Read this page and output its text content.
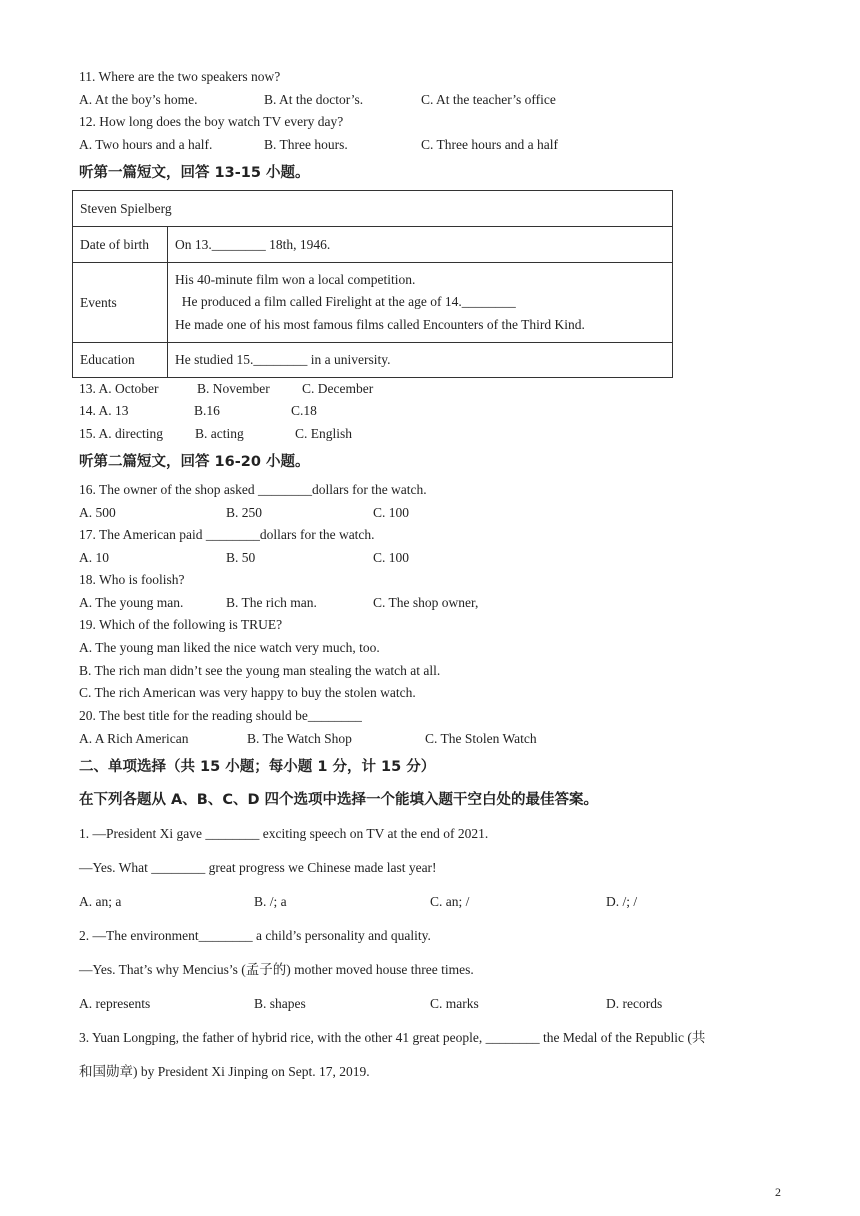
11. Where are the two speakers now?
A. At the boy’s home.	B. At the doctor’s.	C. At the teacher’s office
12. How long does the boy watch TV every day?
A. Two hours and a half.	B. Three hours.	C. Three hours and a half
听第一篇短文，回答 13-15 小题。
Steven Spielberg	
Date of birth	On 13.________ 18th, 1946.
Events	His 40-minute film won a local competition.
He produced a film called Firelight at the age of 14.________
He made one of his most famous films called Encounters of the Third Kind.

Education	He studied 15.________ in a university.
13. A. October	B. November C. December
14. A. 13	B.16	C.18
15. A. directing B. acting	C. English
听第二篇短文，回答 16-20 小题。
16. The owner of the shop asked ________dollars for the watch.
A. 500	B. 250	C. 100
17. The American paid ________dollars for the watch.
A. 10	B. 50	C. 100
18. Who is foolish?
A. The young man.	B. The rich man.	C. The shop owner,
19. Which of the following is TRUE?
A. The young man liked the nice watch very much, too.
B. The rich man didn’t see the young man stealing the watch at all.
C. The rich American was very happy to buy the stolen watch.
20. The best title for the reading should be________
A. A Rich American	B. The Watch Shop	C. The Stolen Watch
二、单项选择（共 15 小题；每小题 1 分，计 15 分）
在下列各题从 A、B、C、D 四个选项中选择一个能填入题干空白处的最佳答案。
1. —President Xi gave ________ exciting speech on TV at the end of 2021.
—Yes. What ________ great progress we Chinese made last year!
A. an; a	B. /; a	C. an; /	D. /; /
2. —The environment________ a child’s personality and quality.
—Yes. That’s why Mencius’s (孟子的) mother moved house three times.
A. represents	B. shapes	C. marks	D. records
3. Yuan Longping, the father of hybrid rice, with the other 41 great people, ________ the Medal of the Republic (共
和国勋章) by President Xi Jinping on Sept. 17, 2019.
2
